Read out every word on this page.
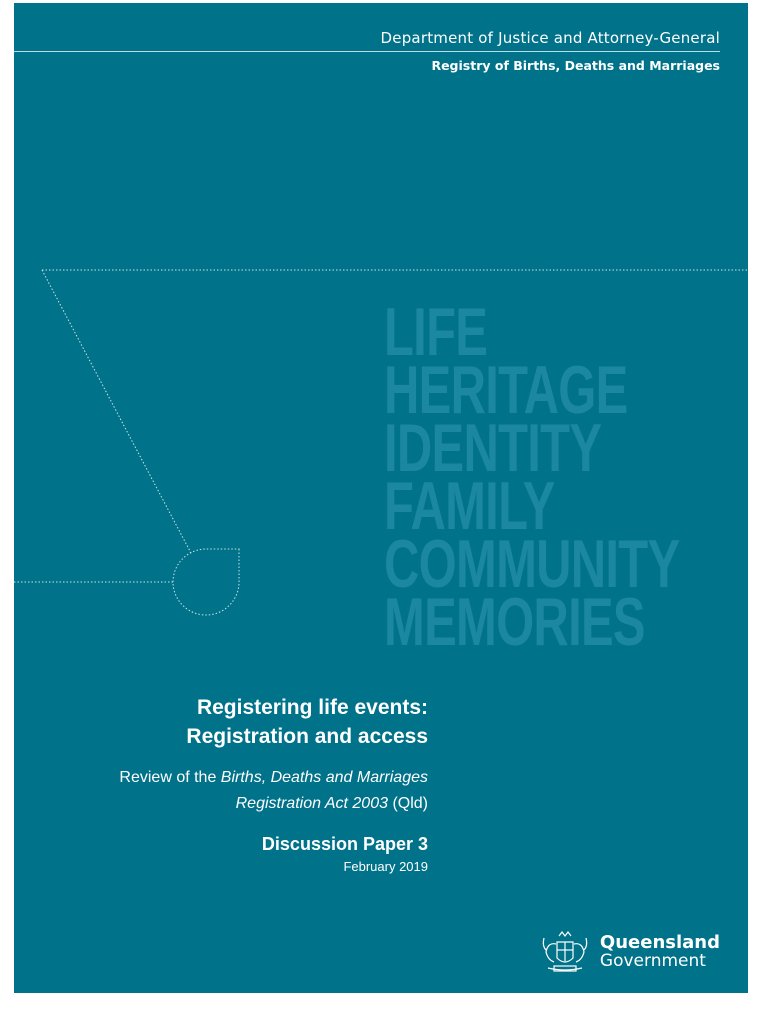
Department of Justice and Attorney-General
Registry of Births, Deaths and Marriages
LIFE
HERITAGE
IDENTITY
FAMILY
COMMUNITY
MEMORIES
Registering life events:
Registration and access
Review of the Births, Deaths and Marriages
Registration Act 2003 (Qld)
Discussion Paper 3
February 2019
Queensland
Government
